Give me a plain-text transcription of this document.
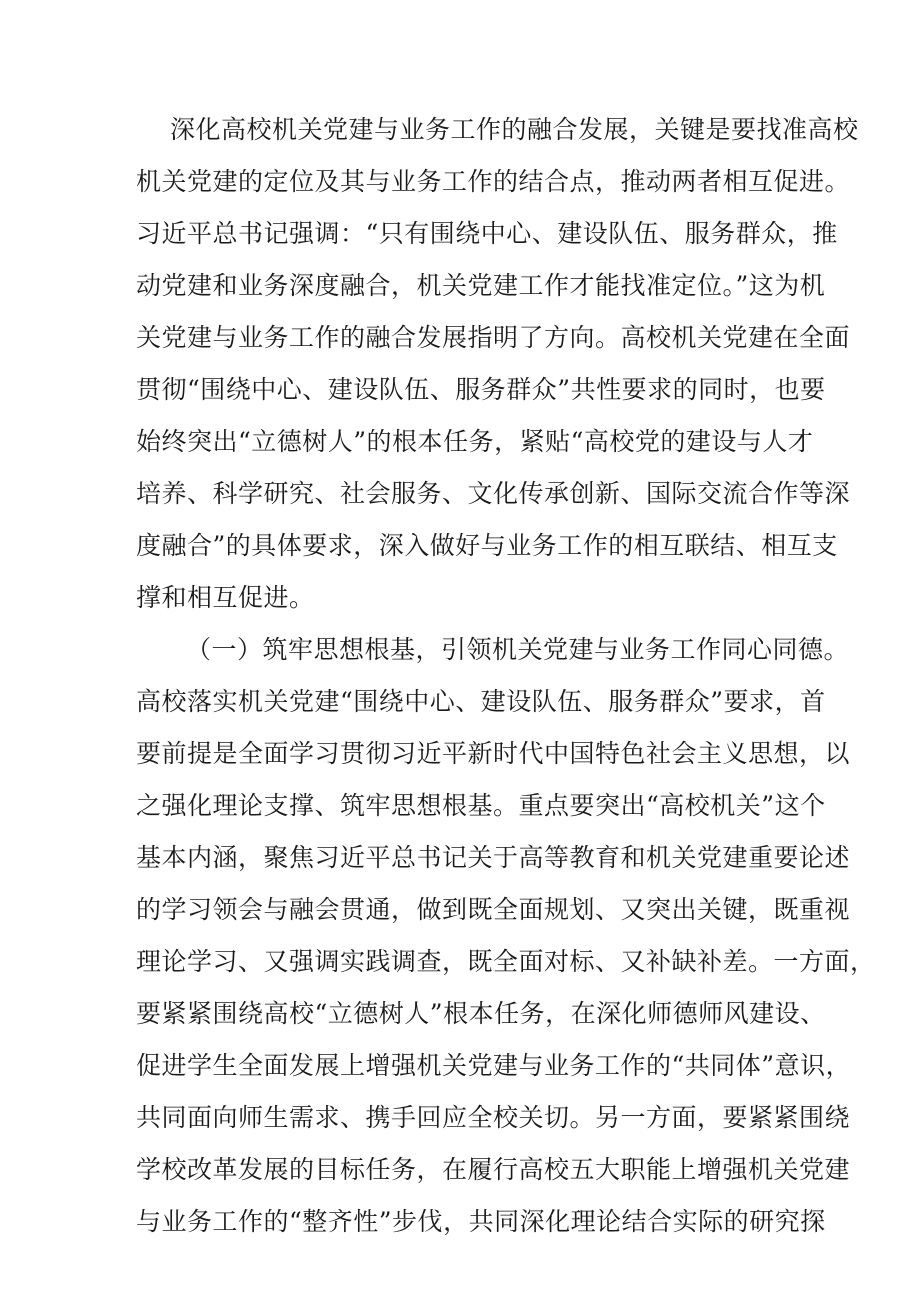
深化高校机关党建与业务工作的融合发展，关键是要找准高校
机关党建的定位及其与业务工作的结合点，推动两者相互促进。
习近平总书记强调：“只有围绕中心、建设队伍、服务群众，推
动党建和业务深度融合，机关党建工作才能找准定位。”这为机
关党建与业务工作的融合发展指明了方向。高校机关党建在全面
贯彻“围绕中心、建设队伍、服务群众”共性要求的同时，也要
始终突出“立德树人”的根本任务，紧贴“高校党的建设与人才
培养、科学研究、社会服务、文化传承创新、国际交流合作等深
度融合”的具体要求，深入做好与业务工作的相互联结、相互支
撑和相互促进。
（一）筑牢思想根基，引领机关党建与业务工作同心同德。
高校落实机关党建“围绕中心、建设队伍、服务群众”要求，首
要前提是全面学习贯彻习近平新时代中国特色社会主义思想，以
之强化理论支撑、筑牢思想根基。重点要突出“高校机关”这个
基本内涵，聚焦习近平总书记关于高等教育和机关党建重要论述
的学习领会与融会贯通，做到既全面规划、又突出关键，既重视
理论学习、又强调实践调查，既全面对标、又补缺补差。一方面，
要紧紧围绕高校“立德树人”根本任务，在深化师德师风建设、
促进学生全面发展上增强机关党建与业务工作的“共同体”意识，
共同面向师生需求、携手回应全校关切。另一方面，要紧紧围绕
学校改革发展的目标任务，在履行高校五大职能上增强机关党建
与业务工作的“整齐性”步伐，共同深化理论结合实际的研究探
